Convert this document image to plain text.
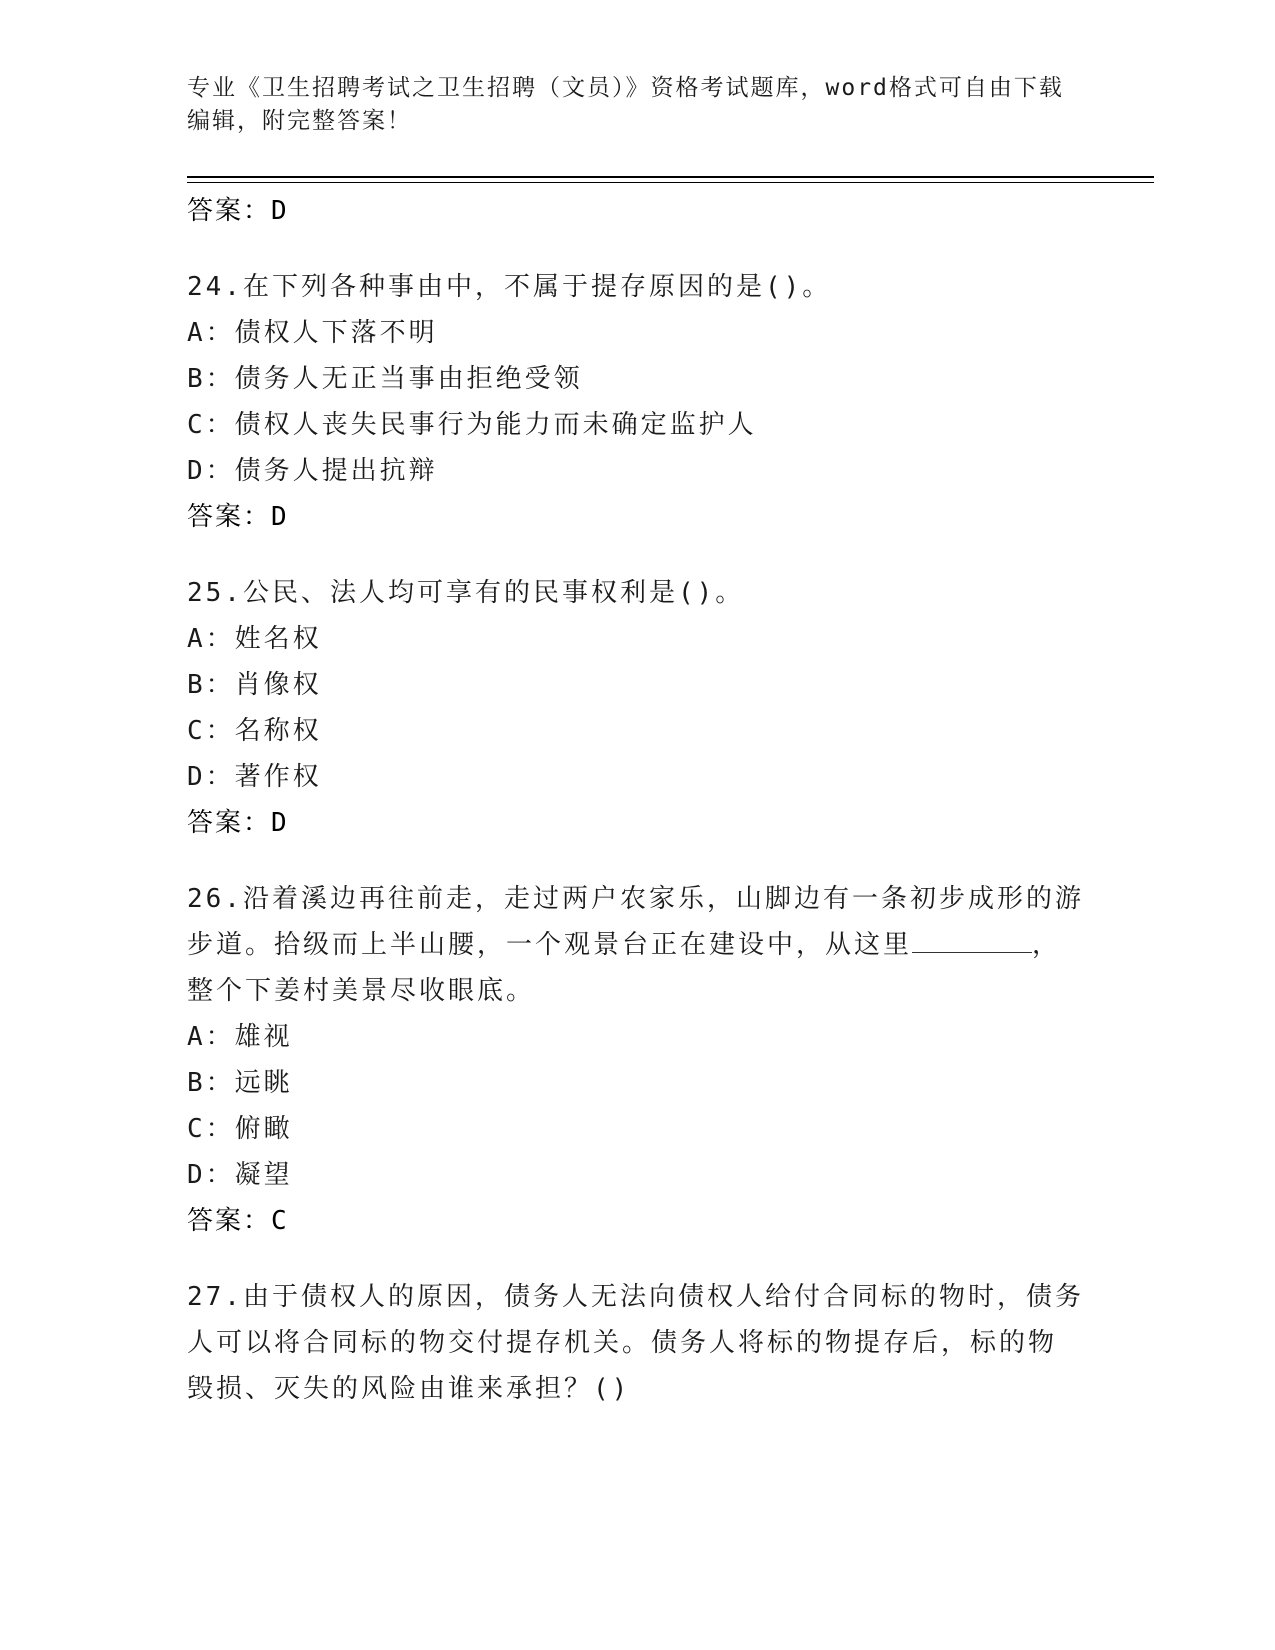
专业《卫生招聘考试之卫生招聘（文员）》资格考试题库，word格式可自由下载编辑，附完整答案！

答案：D

24.在下列各种事由中，不属于提存原因的是()。

A：债权人下落不明

B：债务人无正当事由拒绝受领

C：债权人丧失民事行为能力而未确定监护人

D：债务人提出抗辩

答案：D

25.公民、法人均可享有的民事权利是()。

A：姓名权

B：肖像权

C：名称权

D：著作权

答案：D

26.沿着溪边再往前走，走过两户农家乐，山脚边有一条初步成形的游

步道。拾级而上半山腰，一个观景台正在建设中，从这里	，

整个下姜村美景尽收眼底。

A：雄视

B：远眺

C：俯瞰

D：凝望

答案：C

27.由于债权人的原因，债务人无法向债权人给付合同标的物时，债务

人可以将合同标的物交付提存机关。债务人将标的物提存后，标的物

毁损、灭失的风险由谁来承担？()
